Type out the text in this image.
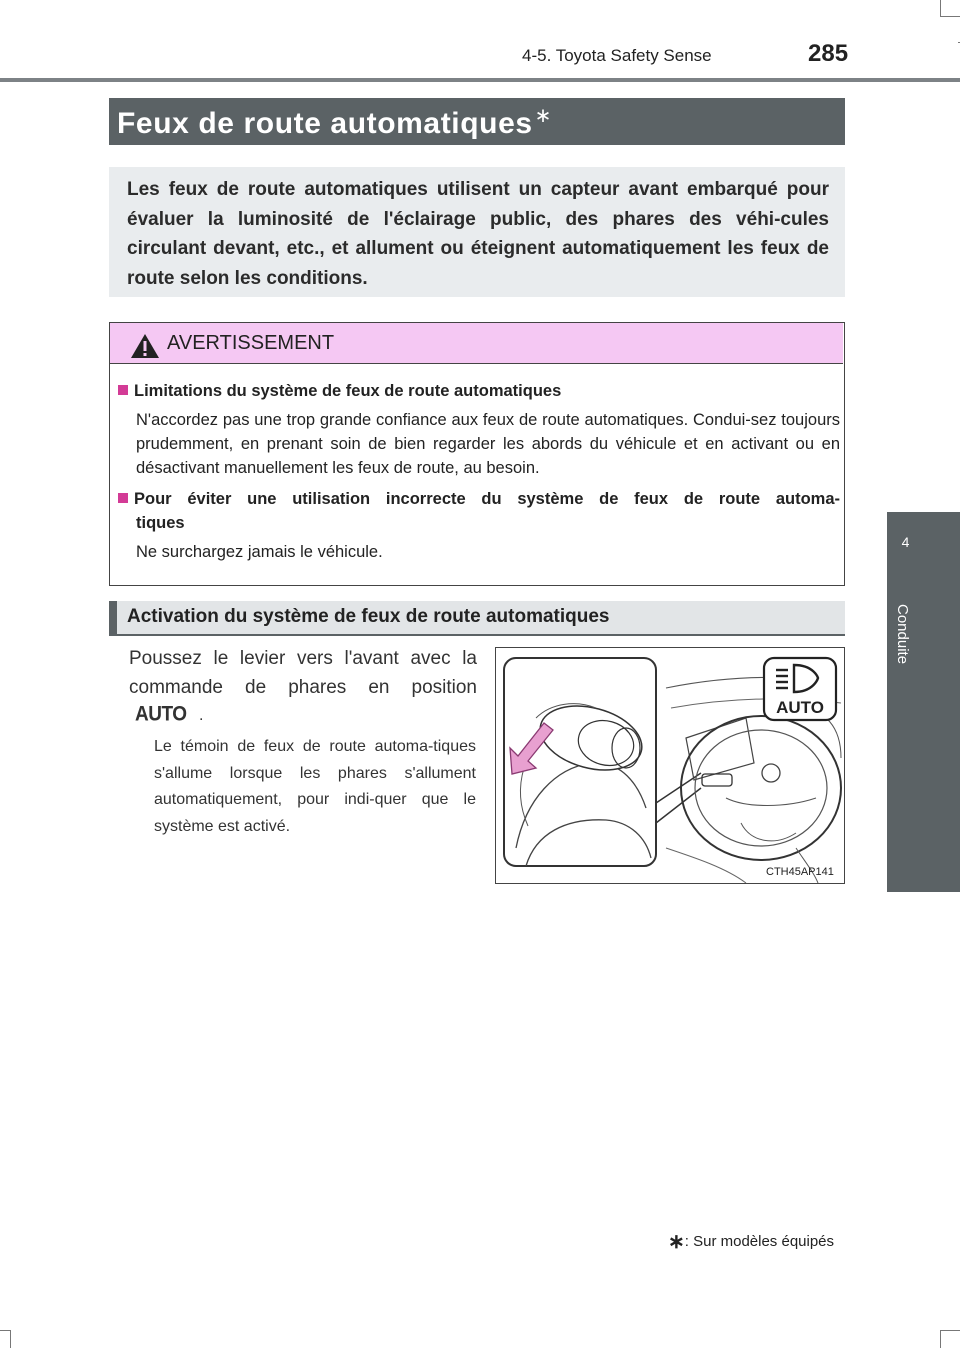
4-5. Toyota Safety Sense	285
4
Conduite
Feux de route automatiques ∗

Les feux de route automatiques utilisent un capteur avant embarqué pour évaluer la luminosité de l'éclairage public, des phares des véhi-cules circulant devant, etc., et allument ou éteignent automatiquement les feux de route selon les conditions.

AVERTISSEMENT
Limitations du système de feux de route automatiques
N'accordez pas une trop grande confiance aux feux de route automatiques. Condui-sez toujours prudemment, en prenant soin de bien regarder les abords du véhicule et en activant ou en désactivant manuellement les feux de route, au besoin.
Pour éviter une utilisation incorrecte du système de feux de route automa-
tiques
Ne surchargez jamais le véhicule.
Activation du système de feux de route automatiques
Poussez le levier vers l'avant avec la
commande de phares en position
AUTO .
Le témoin de feux de route automa-tiques s'allume lorsque les phares s'allument automatiquement, pour indi-quer que le système est activé.
AUTO
CTH45AP141
∗: Sur modèles équipés
